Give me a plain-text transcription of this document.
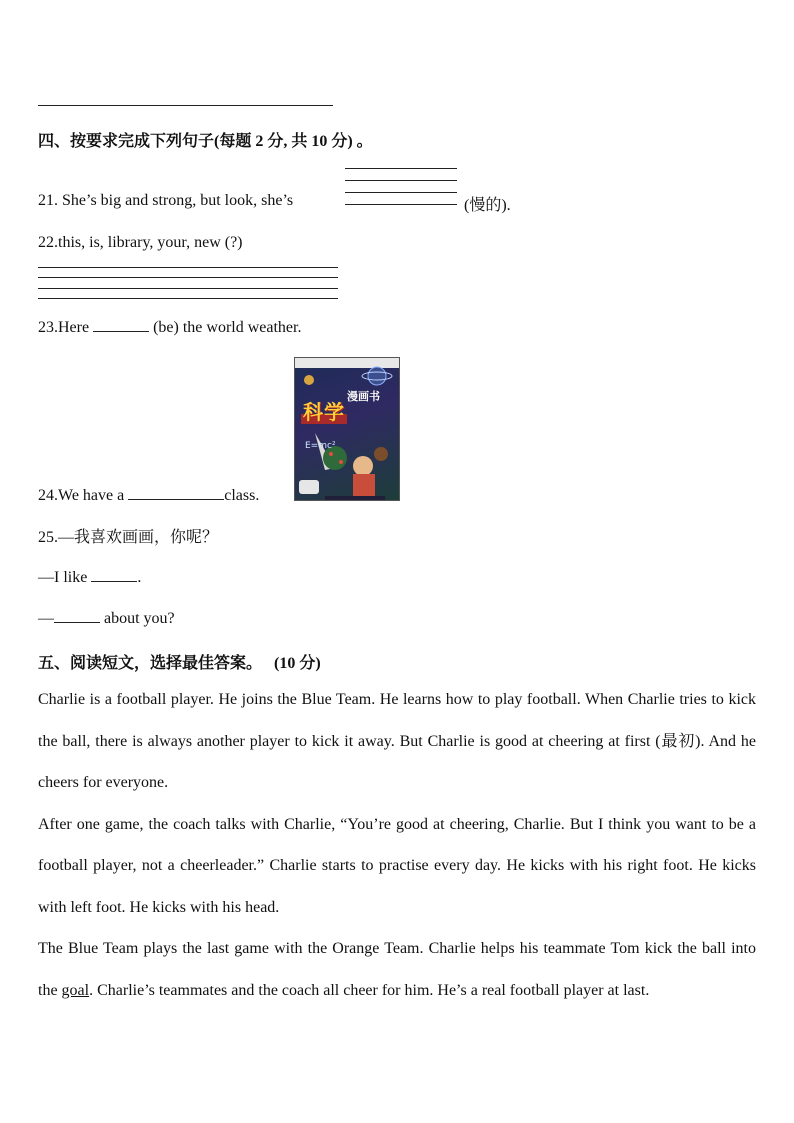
四、按要求完成下列句子(每题 2 分, 共 10 分) 。
21. She’s big and strong, but look, she’s	(慢的).
22.this, is, library, your, new (?)
23.Here	(be) the world weather.
E=mc²
漫画书
科学
24.We have a	class.
25.—我喜欢画画，你呢？
—I like	.
—	about you?
五、阅读短文，选择最佳答案。 (10 分)

Charlie is a football player. He joins the Blue Team. He learns how to play football. When Charlie tries to kick the ball, there is always another player to kick it away. But Charlie is good at cheering at first (最初). And he cheers for everyone.

After one game, the coach talks with Charlie, “You’re good at cheering, Charlie. But I think you want to be a football player, not a cheerleader.” Charlie starts to practise every day. He kicks with his right foot. He kicks with left foot. He kicks with his head.

The Blue Team plays the last game with the Orange Team. Charlie helps his teammate Tom kick the ball into the goal. Charlie’s teammates and the coach all cheer for him. He’s a real football player at last.
